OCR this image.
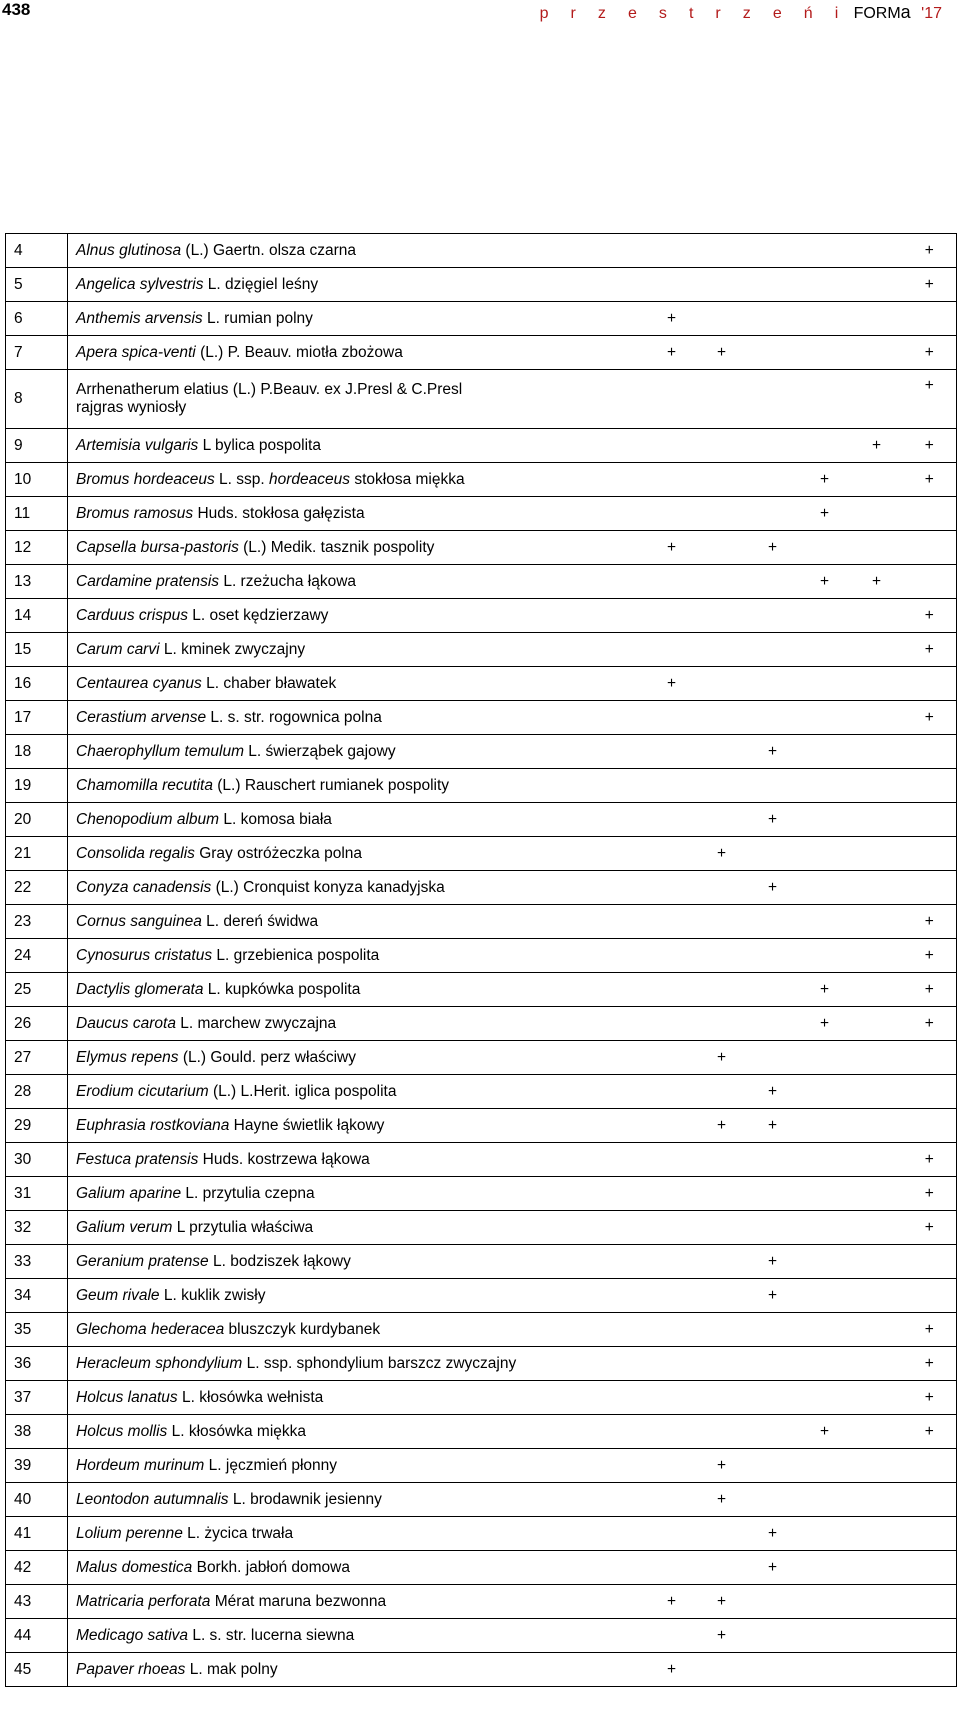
438	p r z e s t r z e ń i FORMa '17
4	Alnus glutinosa (L.) Gaertn. olsza czarna						+
5	Angelica sylvestris L. dzięgiel leśny						+
6	Anthemis arvensis L. rumian polny	+					
7	Apera spica-venti (L.) P. Beauv. miotła zbożowa	+	+				+
8	Arrhenatherum elatius (L.) P.Beauv. ex J.Presl & C.Presl
rajgras wyniosły						+
9	Artemisia vulgaris L bylica pospolita					+	+
10	Bromus hordeaceus L. ssp. hordeaceus stokłosa miękka				+		+
11	Bromus ramosus Huds. stokłosa gałęzista				+		
12	Capsella bursa-pastoris (L.) Medik. tasznik pospolity	+		+			
13	Cardamine pratensis L. rzeżucha łąkowa				+	+	
14	Carduus crispus L. oset kędzierzawy						+
15	Carum carvi L. kminek zwyczajny						+
16	Centaurea cyanus L. chaber bławatek	+					
17	Cerastium arvense L. s. str. rogownica polna						+
18	Chaerophyllum temulum L. świerząbek gajowy			+			
19	Chamomilla recutita (L.) Rauschert rumianek pospolity						
20	Chenopodium album L. komosa biała			+			
21	Consolida regalis Gray ostróżeczka polna		+				
22	Conyza canadensis (L.) Cronquist konyza kanadyjska			+			
23	Cornus sanguinea L. dereń świdwa						+
24	Cynosurus cristatus L. grzebienica pospolita						+
25	Dactylis glomerata L. kupkówka pospolita				+		+
26	Daucus carota L. marchew zwyczajna				+		+
27	Elymus repens (L.) Gould. perz właściwy		+				
28	Erodium cicutarium (L.) L.Herit. iglica pospolita			+			
29	Euphrasia rostkoviana Hayne świetlik łąkowy		+	+			
30	Festuca pratensis Huds. kostrzewa łąkowa						+
31	Galium aparine L. przytulia czepna						+
32	Galium verum L przytulia właściwa						+
33	Geranium pratense L. bodziszek łąkowy			+			
34	Geum rivale L. kuklik zwisły			+			
35	Glechoma hederacea bluszczyk kurdybanek						+
36	Heracleum sphondylium L. ssp. sphondylium barszcz zwyczajny						+
37	Holcus lanatus L. kłosówka wełnista						+
38	Holcus mollis L. kłosówka miękka				+		+
39	Hordeum murinum L. jęczmień płonny		+				
40	Leontodon autumnalis L. brodawnik jesienny		+				
41	Lolium perenne L. życica trwała			+			
42	Malus domestica Borkh. jabłoń domowa			+			
43	Matricaria perforata Mérat maruna bezwonna	+	+				
44	Medicago sativa L. s. str. lucerna siewna		+				
45	Papaver rhoeas L. mak polny	+					
